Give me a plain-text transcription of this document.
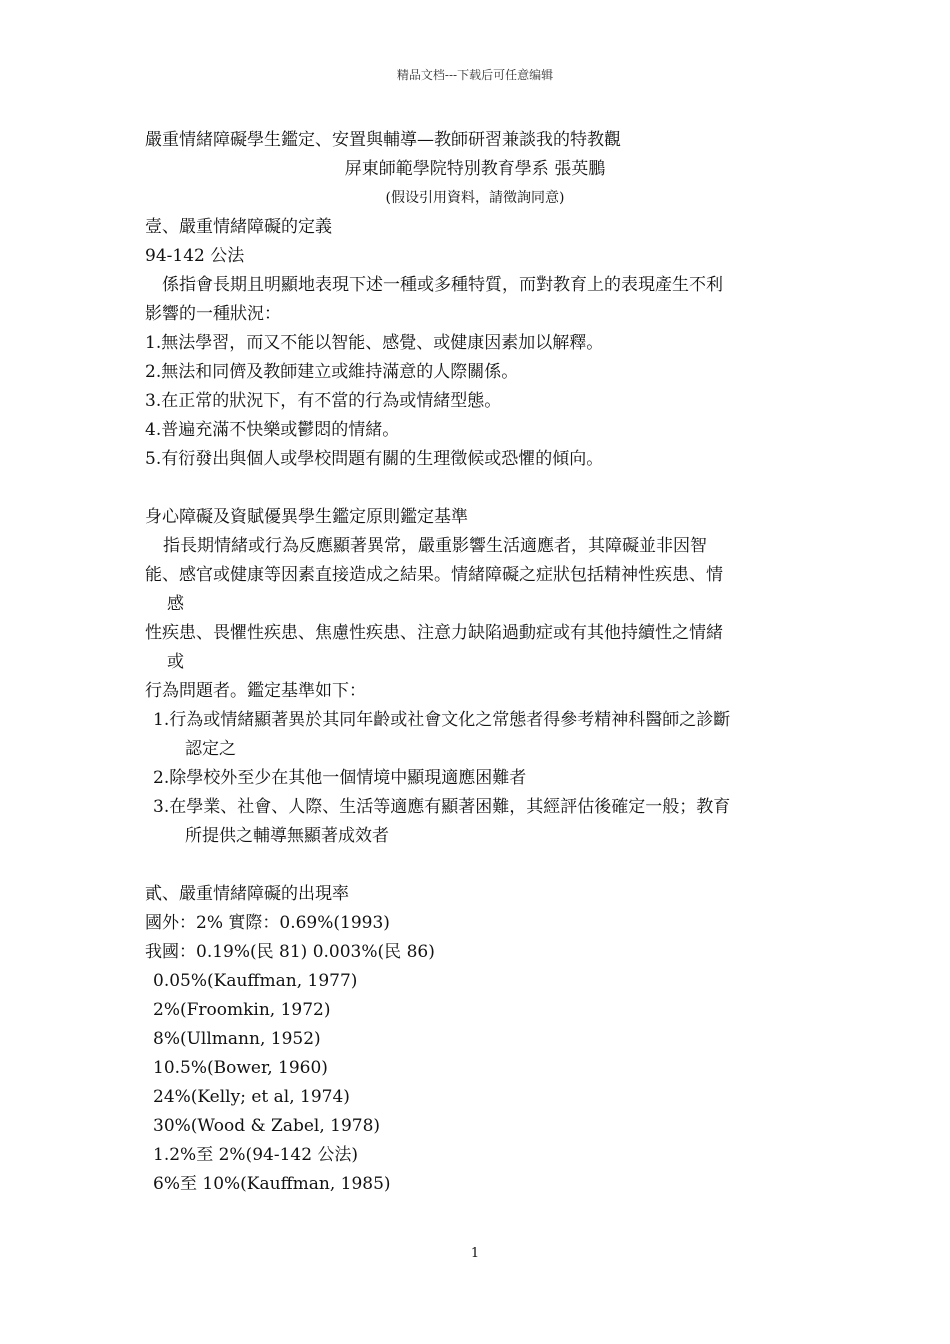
精品文档---下载后可任意编辑
嚴重情緒障礙學生鑑定、安置與輔導—教師研習兼談我的特教觀
屏東師範學院特別教育學系 張英鵬
(假设引用資料，請徵詢同意)
壹、嚴重情緒障礙的定義
94-142 公法
　係指會長期且明顯地表現下述一種或多種特質，而對教育上的表現產生不利
影響的一種狀況：
1.無法學習，而又不能以智能、感覺、或健康因素加以解釋。
2.無法和同儕及教師建立或維持滿意的人際關係。
3.在正常的狀況下，有不當的行為或情緒型態。
4.普遍充滿不快樂或鬱悶的情緒。
5.有衍發出與個人或學校問題有關的生理徵候或恐懼的傾向。
身心障礙及資賦優異學生鑑定原則鑑定基準
指長期情緒或行為反應顯著異常，嚴重影響生活適應者，其障礙並非因智
能、感官或健康等因素直接造成之結果。情緒障礙之症狀包括精神性疾患、情
感
性疾患、畏懼性疾患、焦慮性疾患、注意力缺陷過動症或有其他持續性之情緒
或
行為問題者。鑑定基準如下：
1.行為或情緒顯著異於其同年齡或社會文化之常態者得參考精神科醫師之診斷
認定之
2.除學校外至少在其他一個情境中顯現適應困難者
3.在學業、社會、人際、生活等適應有顯著困難，其經評估後確定一般；教育
所提供之輔導無顯著成效者
貳、嚴重情緒障礙的出現率
國外：2% 實際：0.69%(1993)
我國：0.19%(民 81) 0.003%(民 86)
0.05%(Kauffman, 1977)
2%(Froomkin, 1972)
8%(Ullmann, 1952)
10.5%(Bower, 1960)
24%(Kelly; et al, 1974)
30%(Wood & Zabel, 1978)
1.2%至 2%(94-142 公法)
6%至 10%(Kauffman, 1985)
1
